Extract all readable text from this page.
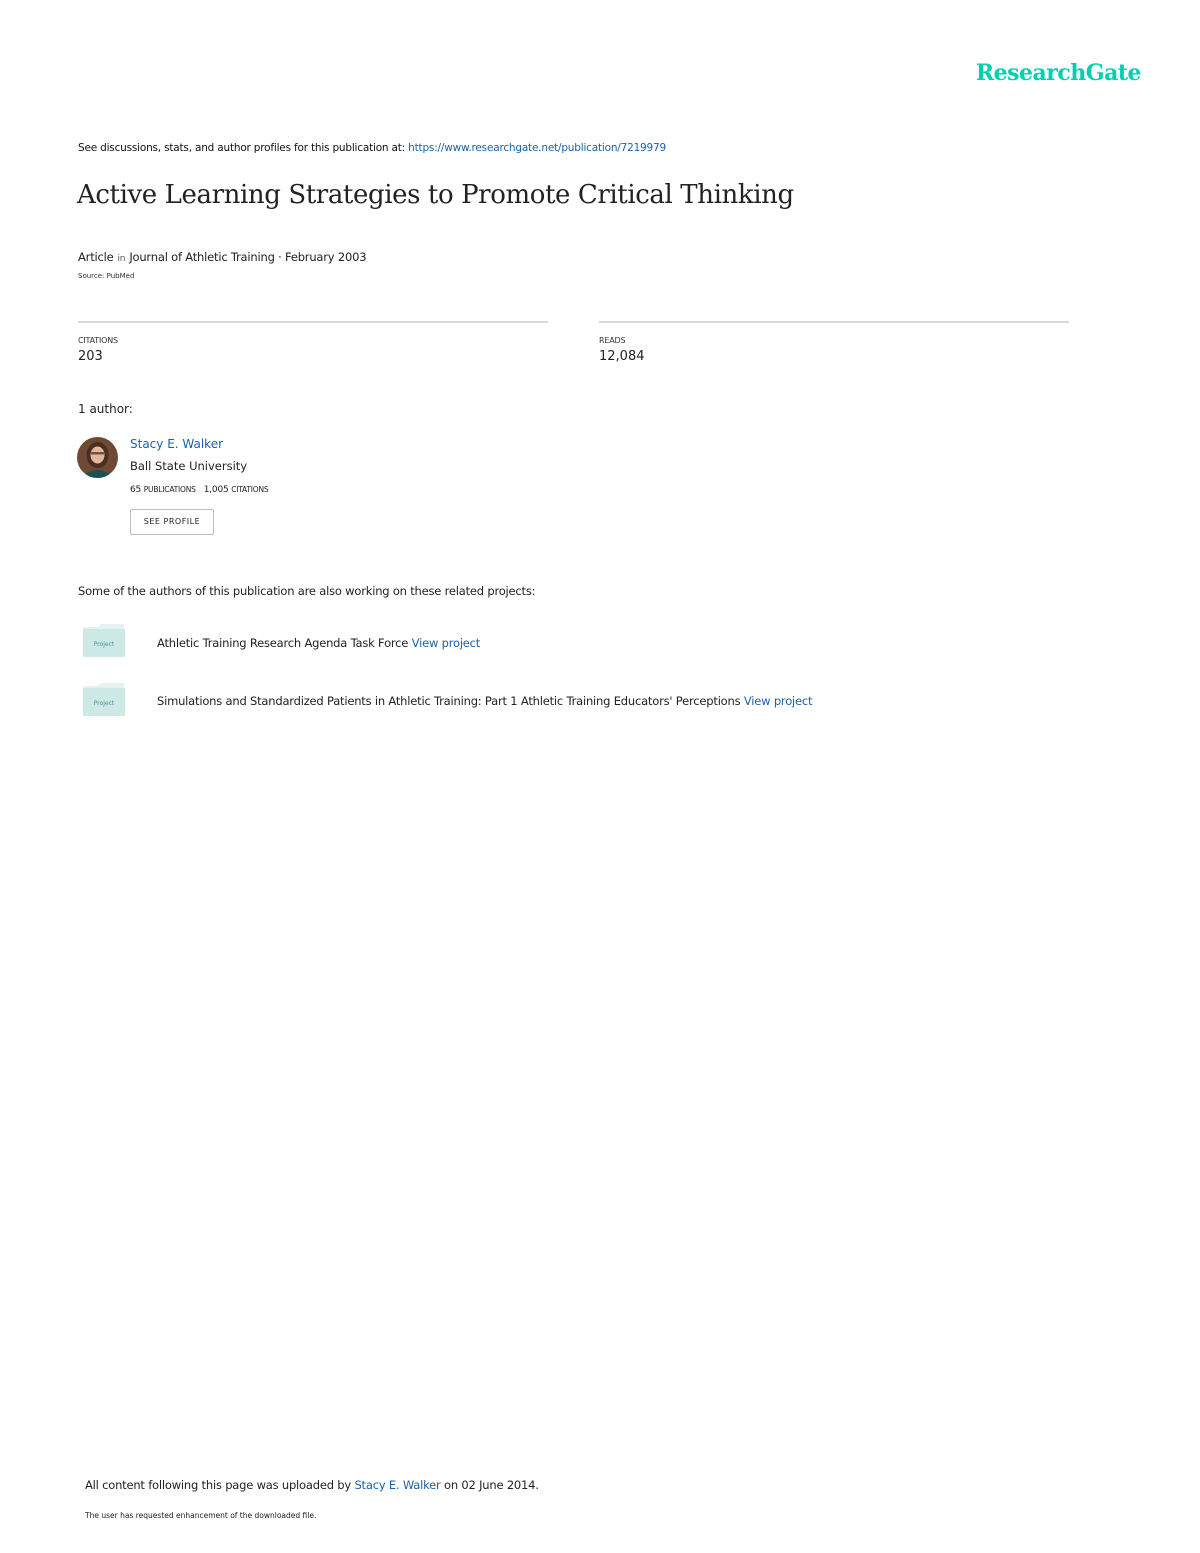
ResearchGate
See discussions, stats, and author profiles for this publication at: https://www.researchgate.net/publication/7219979
Active Learning Strategies to Promote Critical Thinking
Article in Journal of Athletic Training · February 2003
Source: PubMed
CITATIONS
203
READS
12,084
1 author:
Stacy E. Walker
Ball State University
65 PUBLICATIONS 1,005 CITATIONS
SEE PROFILE
Some of the authors of this publication are also working on these related projects:
Project	Athletic Training Research Agenda Task Force View project
Project	Simulations and Standardized Patients in Athletic Training: Part 1 Athletic Training Educators' Perceptions View project
All content following this page was uploaded by Stacy E. Walker on 02 June 2014.
The user has requested enhancement of the downloaded file.
